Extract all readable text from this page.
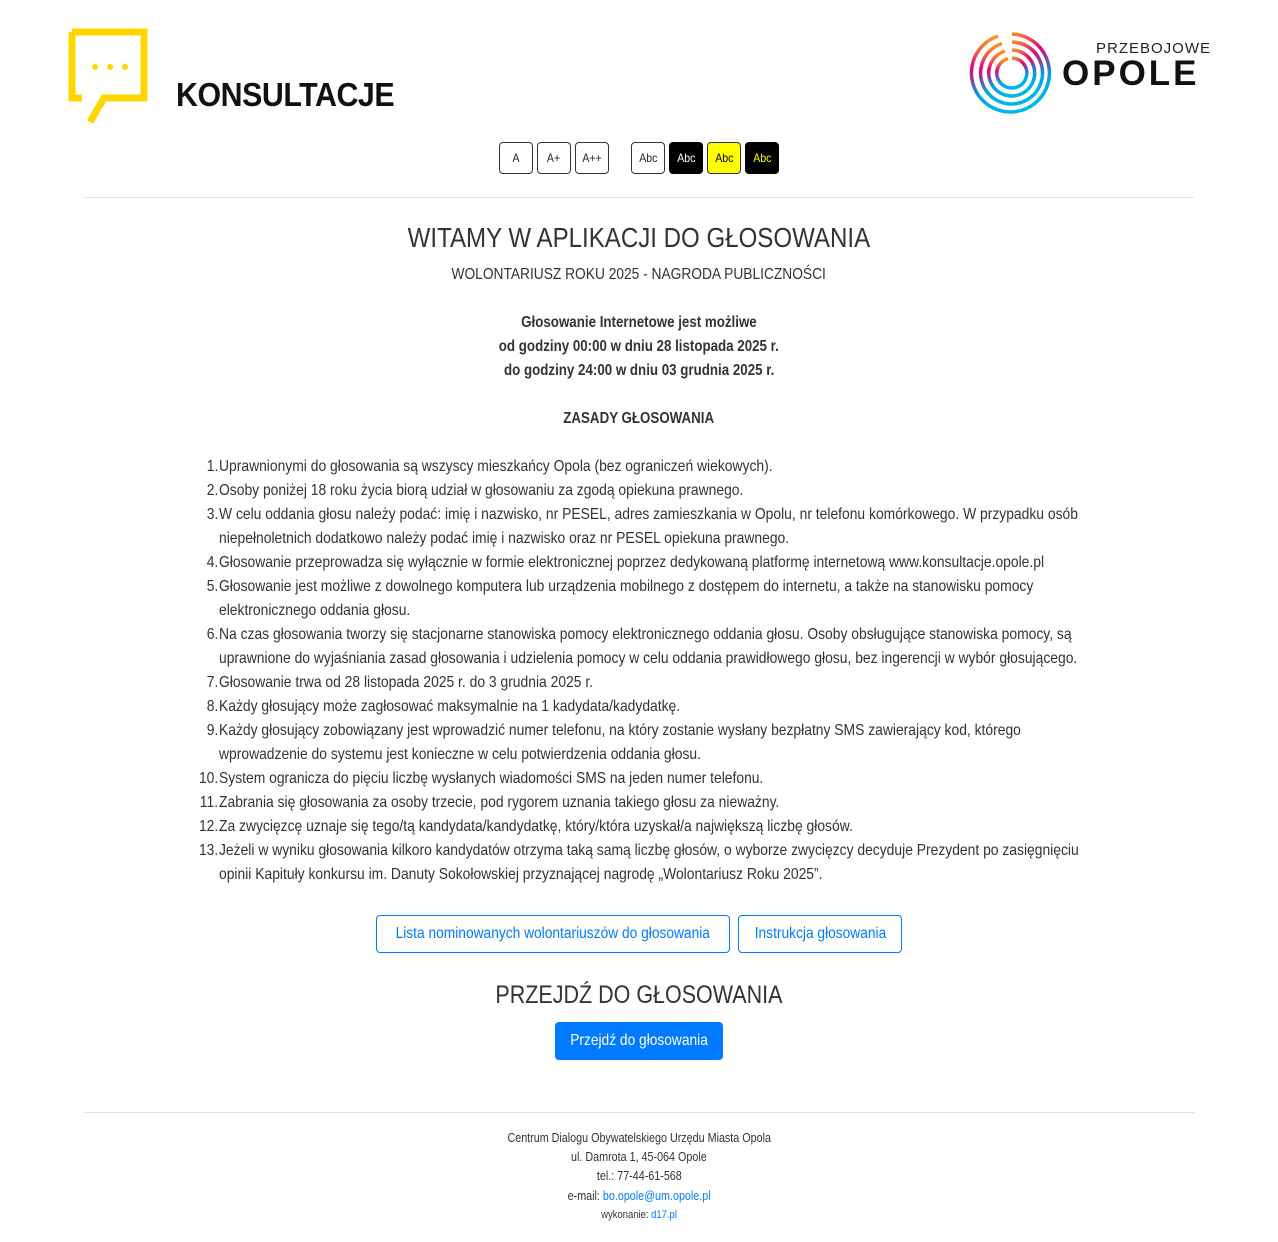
KONSULTACJE
PRZEBOJOWE
OPOLE
A A+ A++	Abc Abc Abc Abc
WITAMY W APLIKACJI DO GŁOSOWANIA
WOLONTARIUSZ ROKU 2025 - NAGRODA PUBLICZNOŚCI
Głosowanie Internetowe jest możliwe
od godziny 00:00 w dniu 28 listopada 2025 r.
do godziny 24:00 w dniu 03 grudnia 2025 r.
ZASADY GŁOSOWANIA
1. Uprawnionymi do głosowania są wszyscy mieszkańcy Opola (bez ograniczeń wiekowych).
2. Osoby poniżej 18 roku życia biorą udział w głosowaniu za zgodą opiekuna prawnego.
3. W celu oddania głosu należy podać: imię i nazwisko, nr PESEL, adres zamieszkania w Opolu, nr telefonu komórkowego. W przypadku osób
niepełnoletnich dodatkowo należy podać imię i nazwisko oraz nr PESEL opiekuna prawnego.
4. Głosowanie przeprowadza się wyłącznie w formie elektronicznej poprzez dedykowaną platformę internetową www.konsultacje.opole.pl
5. Głosowanie jest możliwe z dowolnego komputera lub urządzenia mobilnego z dostępem do internetu, a także na stanowisku pomocy
elektronicznego oddania głosu.
6. Na czas głosowania tworzy się stacjonarne stanowiska pomocy elektronicznego oddania głosu. Osoby obsługujące stanowiska pomocy, są
uprawnione do wyjaśniania zasad głosowania i udzielenia pomocy w celu oddania prawidłowego głosu, bez ingerencji w wybór głosującego.
7. Głosowanie trwa od 28 listopada 2025 r. do 3 grudnia 2025 r.
8. Każdy głosujący może zagłosować maksymalnie na 1 kadydata/kadydatkę.
9. Każdy głosujący zobowiązany jest wprowadzić numer telefonu, na który zostanie wysłany bezpłatny SMS zawierający kod, którego
wprowadzenie do systemu jest konieczne w celu potwierdzenia oddania głosu.
10. System ogranicza do pięciu liczbę wysłanych wiadomości SMS na jeden numer telefonu.
11. Zabrania się głosowania za osoby trzecie, pod rygorem uznania takiego głosu za nieważny.
12. Za zwycięzcę uznaje się tego/tą kandydata/kandydatkę, który/która uzyskał/a największą liczbę głosów.
13. Jeżeli w wyniku głosowania kilkoro kandydatów otrzyma taką samą liczbę głosów, o wyborze zwycięzcy decyduje Prezydent po zasięgnięciu
opinii Kapituły konkursu im. Danuty Sokołowskiej przyznającej nagrodę „Wolontariusz Roku 2025”.
Lista nominowanych wolontariuszów do głosowania	Instrukcja głosowania
PRZEJDŹ DO GŁOSOWANIA
Przejdź do głosowania
Centrum Dialogu Obywatelskiego Urzędu Miasta Opola
ul. Damrota 1, 45-064 Opole
tel.: 77-44-61-568
e-mail: bo.opole@um.opole.pl
wykonanie: d17.pl
